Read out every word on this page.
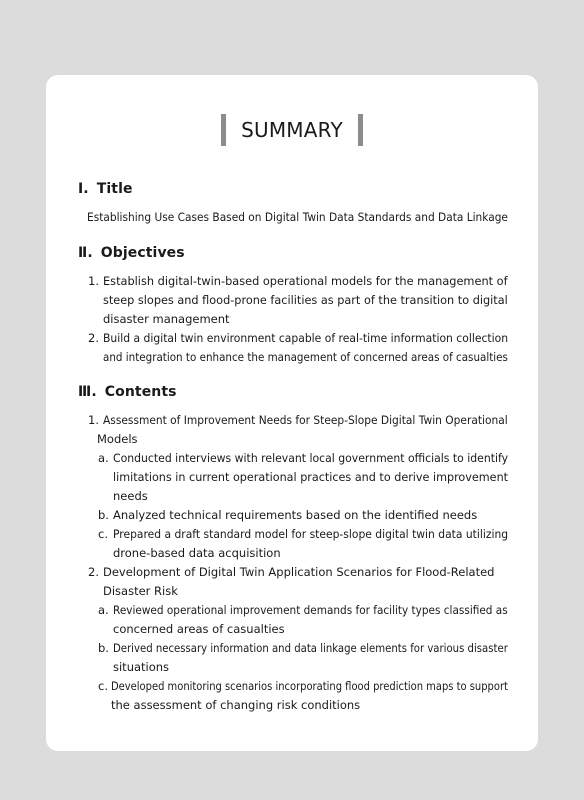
SUMMARY
Ⅰ. Title
Establishing Use Cases Based on Digital Twin Data Standards and Data Linkage
Ⅱ. Objectives
1. Establish digital-twin-based operational models for the management of
steep slopes and flood-prone facilities as part of the transition to digital
disaster management
2. Build a digital twin environment capable of real-time information collection
and integration to enhance the management of concerned areas of casualties
Ⅲ. Contents
1. Assessment of Improvement Needs for Steep-Slope Digital Twin Operational
Models
a. Conducted interviews with relevant local government officials to identify
limitations in current operational practices and to derive improvement
needs
b. Analyzed technical requirements based on the identified needs
c. Prepared a draft standard model for steep-slope digital twin data utilizing
drone-based data acquisition
2. Development of Digital Twin Application Scenarios for Flood-Related
Disaster Risk
a. Reviewed operational improvement demands for facility types classified as
concerned areas of casualties
b. Derived necessary information and data linkage elements for various disaster
situations
c. Developed monitoring scenarios incorporating flood prediction maps to support
the assessment of changing risk conditions
